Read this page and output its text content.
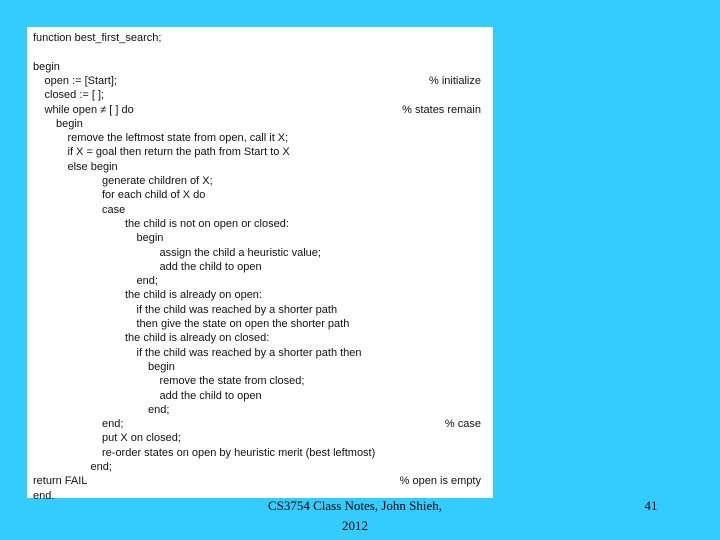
function best_first_search;
begin
open := [Start];	% initialize
closed := [ ];
while open ≠ [ ] do	% states remain
begin
remove the leftmost state from open, call it X;
if X = goal then return the path from Start to X
else begin
generate children of X;
for each child of X do
case
the child is not on open or closed:
begin
assign the child a heuristic value;
add the child to open
end;
the child is already on open:
if the child was reached by a shorter path
then give the state on open the shorter path
the child is already on closed:
if the child was reached by a shorter path then
begin
remove the state from closed;
add the child to open
end;
end;	% case
put X on closed;
re-order states on open by heuristic merit (best leftmost)
end;
return FAIL	% open is empty
end.
CS3754 Class Notes, John Shieh,
2012
41
